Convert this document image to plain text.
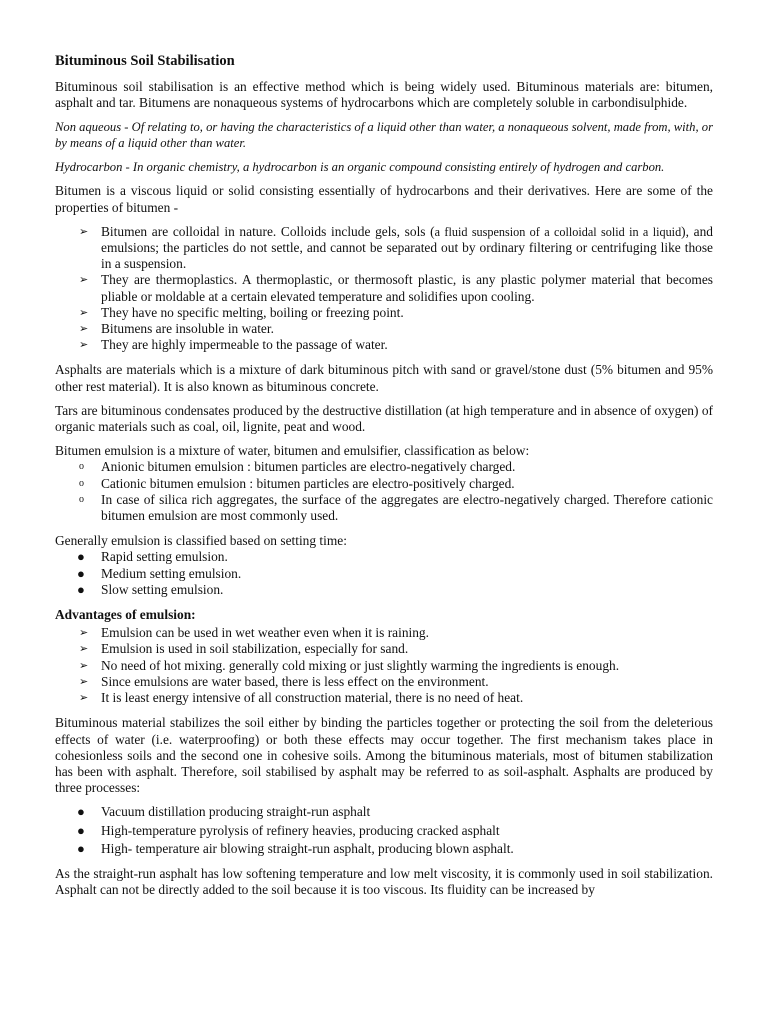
Bituminous Soil Stabilisation

Bituminous soil stabilisation is an effective method which is being widely used. Bituminous materials are: bitumen, asphalt and tar. Bitumens are nonaqueous systems of hydrocarbons which are completely soluble in carbondisulphide.

Non aqueous - Of relating to, or having the characteristics of a liquid other than water, a nonaqueous solvent, made from, with, or by means of a liquid other than water.

Hydrocarbon - In organic chemistry, a hydrocarbon is an organic compound consisting entirely of hydrogen and carbon.

Bitumen is a viscous liquid or solid consisting essentially of hydrocarbons and their derivatives. Here are some of the properties of bitumen -

➢ Bitumen are colloidal in nature. Colloids include gels, sols (a fluid suspension of a colloidal solid in a liquid), and emulsions; the particles do not settle, and cannot be separated out by ordinary filtering or centrifuging like those in a suspension.
➢ They are thermoplastics. A thermoplastic, or thermosoft plastic, is any plastic polymer material that becomes pliable or moldable at a certain elevated temperature and solidifies upon cooling.
➢ They have no specific melting, boiling or freezing point.
➢ Bitumens are insoluble in water.
➢ They are highly impermeable to the passage of water.

Asphalts are materials which is a mixture of dark bituminous pitch with sand or gravel/stone dust (5% bitumen and 95% other rest material). It is also known as bituminous concrete.

Tars are bituminous condensates produced by the destructive distillation (at high temperature and in absence of oxygen) of organic materials such as coal, oil, lignite, peat and wood.

Bitumen emulsion is a mixture of water, bitumen and emulsifier, classification as below:

o	Anionic bitumen emulsion : bitumen particles are electro-negatively charged.
o	Cationic bitumen emulsion : bitumen particles are electro-positively charged.
o	In case of silica rich aggregates, the surface of the aggregates are electro-negatively charged. Therefore cationic bitumen emulsion are most commonly used.

Generally emulsion is classified based on setting time:

●	Rapid setting emulsion.
●	Medium setting emulsion.
●	Slow setting emulsion.

Advantages of emulsion:

➢ Emulsion can be used in wet weather even when it is raining.
➢ Emulsion is used in soil stabilization, especially for sand.
➢ No need of hot mixing. generally cold mixing or just slightly warming the ingredients is enough.
➢ Since emulsions are water based, there is less effect on the environment.
➢ It is least energy intensive of all construction material, there is no need of heat.

Bituminous material stabilizes the soil either by binding the particles together or protecting the soil from the deleterious effects of water (i.e. waterproofing) or both these effects may occur together. The first mechanism takes place in cohesionless soils and the second one in cohesive soils. Among the bituminous materials, most of bitumen stabilization has been with asphalt. Therefore, soil stabilised by asphalt may be referred to as soil-asphalt. Asphalts are produced by three processes:

●	Vacuum distillation producing straight-run asphalt
●	High-temperature pyrolysis of refinery heavies, producing cracked asphalt
●	High- temperature air blowing straight-run asphalt, producing blown asphalt.

As the straight-run asphalt has low softening temperature and low melt viscosity, it is commonly used in soil stabilization. Asphalt can not be directly added to the soil because it is too viscous. Its fluidity can be increased by
